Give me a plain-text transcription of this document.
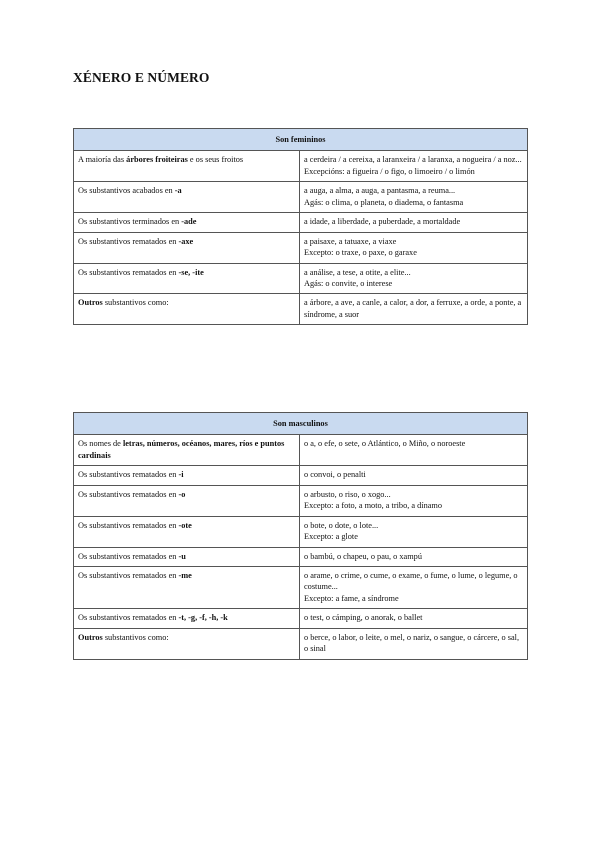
XÉNERO E NÚMERO
Son femininos	
A maioría das árbores froiteiras e os seus froitos	a cerdeira / a cereixa, a laranxeira / a laranxa, a nogueira / a noz...
Excepcións: a figueira / o figo, o limoeiro / o limón

Os substantivos acabados en -a	a auga, a alma, a auga, a pantasma, a reuma...
Agás: o clima, o planeta, o diadema, o fantasma

Os substantivos terminados en -ade	a idade, a liberdade, a puberdade, a mortaldade

Os substantivos rematados en -axe	a paisaxe, a tatuaxe, a viaxe
Excepto: o traxe, o paxe, o garaxe

Os substantivos rematados en -se, -ite	a análise, a tese, a otite, a elite...
Agás: o convite, o interese

Outros substantivos como:	a árbore, a ave, a canle, a calor, a dor, a ferruxe, a orde, a ponte, a síndrome, a suor
Son masculinos	
Os nomes de letras, números, océanos, mares, ríos e puntos cardinais	o a, o efe, o sete, o Atlántico, o Miño, o noroeste

Os substantivos rematados en -i	o convoi, o penalti

Os substantivos rematados en -o	o arbusto, o riso, o xogo...
Excepto: a foto, a moto, a tribo, a dínamo

Os substantivos rematados en -ote	o bote, o dote, o lote...
Excepto: a glote

Os substantivos rematados en -u	o bambú, o chapeu, o pau, o xampú

Os substantivos rematados en -me	o arame, o crime, o cume, o exame, o fume, o lume, o legume, o costume...
Excepto: a fame, a síndrome

Os substantivos rematados en -t, -g, -f, -h, -k	o test, o cámping, o anorak, o ballet

Outros substantivos como:	o berce, o labor, o leite, o mel, o nariz, o sangue, o cárcere, o sal, o sinal
